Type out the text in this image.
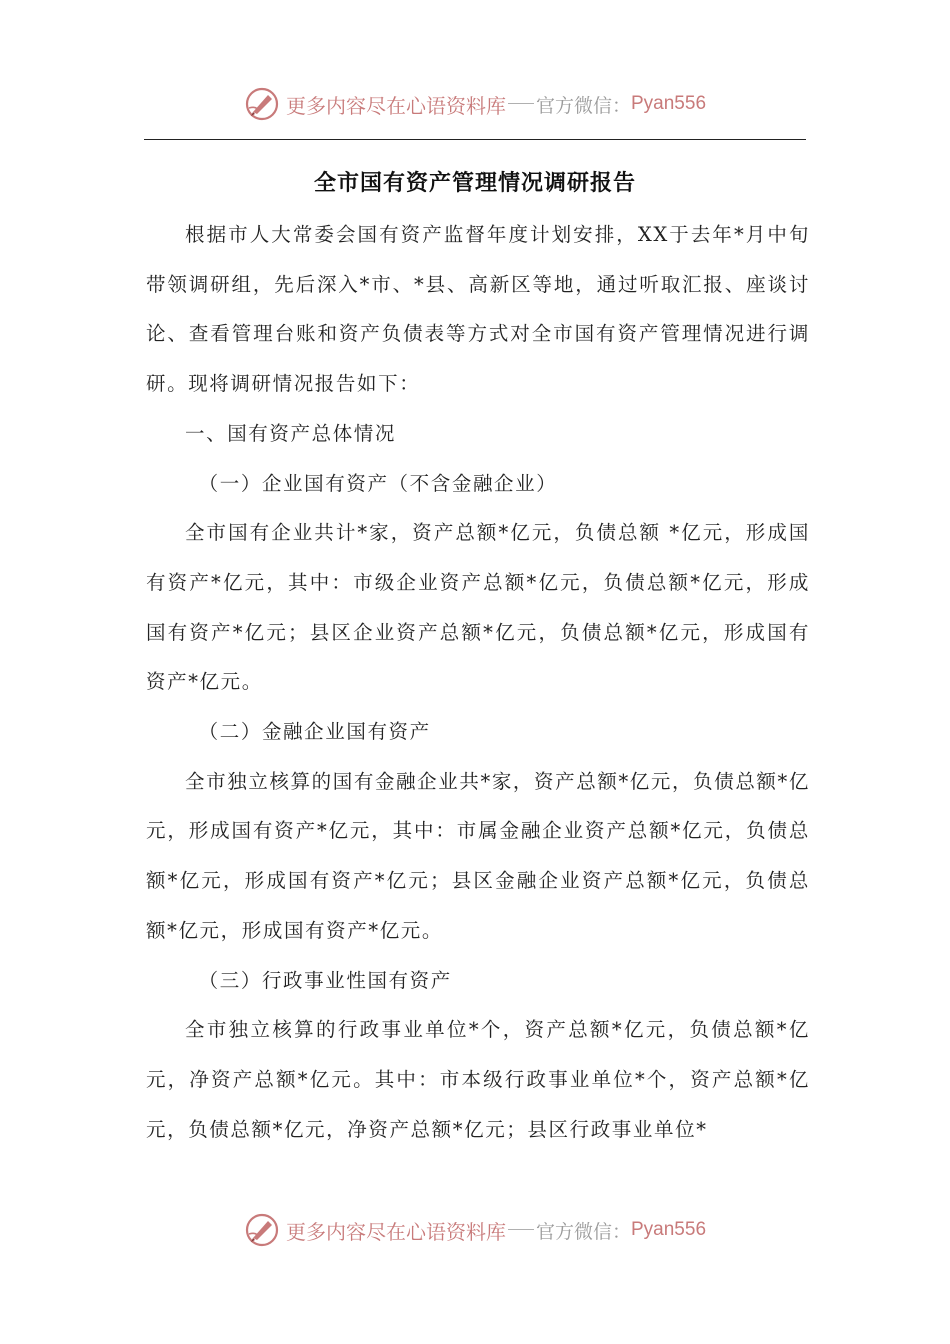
更多内容尽在心语资料库 官方微信： Pyan556
全市国有资产管理情况调研报告

根据市人大常委会国有资产监督年度计划安排，XX于去年*月中旬带领调研组，先后深入*市、*县、高新区等地，通过听取汇报、座谈讨论、查看管理台账和资产负债表等方式对全市国有资产管理情况进行调研。现将调研情况报告如下：

一、国有资产总体情况

（一）企业国有资产（不含金融企业）

全市国有企业共计*家，资产总额*亿元，负债总额 *亿元，形成国有资产*亿元，其中：市级企业资产总额*亿元，负债总额*亿元，形成国有资产*亿元；县区企业资产总额*亿元，负债总额*亿元，形成国有资产*亿元。

（二）金融企业国有资产

全市独立核算的国有金融企业共*家，资产总额*亿元，负债总额*亿元，形成国有资产*亿元，其中：市属金融企业资产总额*亿元，负债总额*亿元，形成国有资产*亿元；县区金融企业资产总额*亿元，负债总额*亿元，形成国有资产*亿元。

（三）行政事业性国有资产

全市独立核算的行政事业单位*个，资产总额*亿元，负债总额*亿元，净资产总额*亿元。其中：市本级行政事业单位*个，资产总额*亿元，负债总额*亿元，净资产总额*亿元；县区行政事业单位*

更多内容尽在心语资料库 官方微信： Pyan556
